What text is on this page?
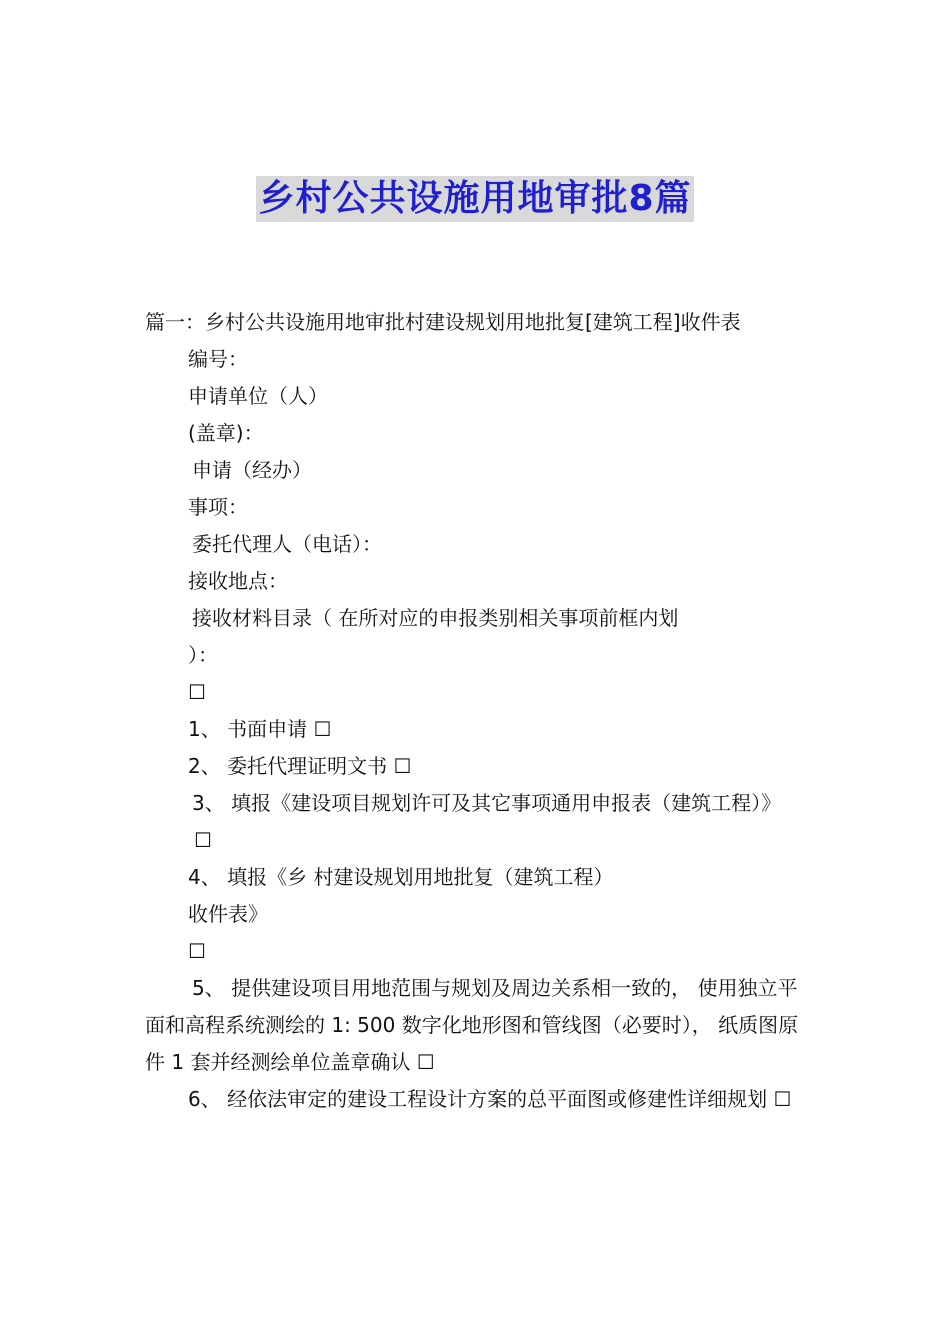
乡村公共设施用地审批8篇

篇一：乡村公共设施用地审批村建设规划用地批复[建筑工程]收件表

编号：

申请单位（人）

(盖章)：

申请（经办）

事项：

委托代理人（电话）：

接收地点：

接收材料目录（ 在所对应的申报类别相关事项前框内划

）：

☐

1、 书面申请 ☐

2、 委托代理证明文书 ☐

3、 填报《建设项目规划许可及其它事项通用申报表（建筑工程）》

☐

4、 填报《乡 村建设规划用地批复（建筑工程）

收件表》

☐

5、 提供建设项目用地范围与规划及周边关系相一致的， 使用独立平面和高程系统测绘的 1: 500 数字化地形图和管线图（必要时）， 纸质图原件 1 套并经测绘单位盖章确认 ☐

6、 经依法审定的建设工程设计方案的总平面图或修建性详细规划 ☐
